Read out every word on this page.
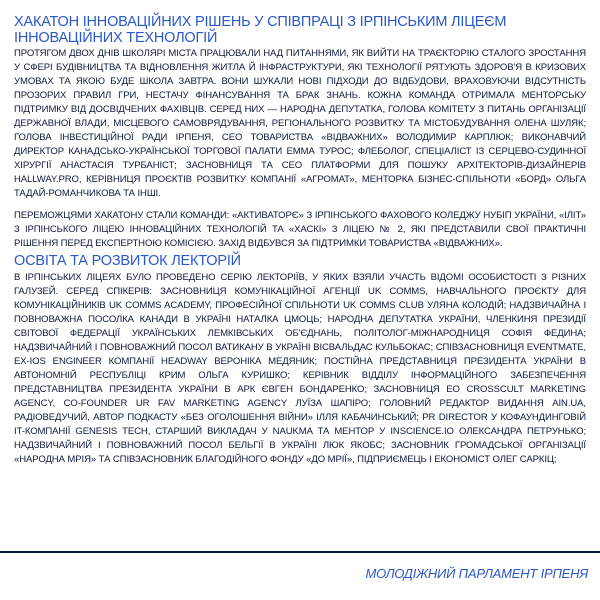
ХАКАТОН ІННОВАЦІЙНИХ РІШЕНЬ У СПІВПРАЦІ З ІРПІНСЬКИМ ЛІЦЕЄМ ІННОВАЦІЙНИХ ТЕХНОЛОГІЙ

ПРОТЯГОМ ДВОХ ДНІВ ШКОЛЯРІ МІСТА ПРАЦЮВАЛИ НАД ПИТАННЯМИ, ЯК ВИЙТИ НА ТРАЄКТОРІЮ СТАЛОГО ЗРОСТАННЯ У СФЕРІ БУДІВНИЦТВА ТА ВІДНОВЛЕННЯ ЖИТЛА Й ІНФРАСТРУКТУРИ, ЯКІ ТЕХНОЛОГІЇ РЯТУЮТЬ ЗДОРОВ'Я В КРИЗОВИХ УМОВАХ ТА ЯКОЮ БУДЕ ШКОЛА ЗАВТРА. ВОНИ ШУКАЛИ НОВІ ПІДХОДИ ДО ВІДБУДОВИ, ВРАХОВУЮЧИ ВІДСУТНІСТЬ ПРОЗОРИХ ПРАВИЛ ГРИ, НЕСТАЧУ ФІНАНСУВАННЯ ТА БРАК ЗНАНЬ. КОЖНА КОМАНДА ОТРИМАЛА МЕНТОРСЬКУ ПІДТРИМКУ ВІД ДОСВІДЧЕНИХ ФАХІВЦІВ. СЕРЕД НИХ — НАРОДНА ДЕПУТАТКА, ГОЛОВА КОМІТЕТУ З ПИТАНЬ ОРГАНІЗАЦІЇ ДЕРЖАВНОЇ ВЛАДИ, МІСЦЕВОГО САМОВРЯДУВАННЯ, РЕГІОНАЛЬНОГО РОЗВИТКУ ТА МІСТОБУДУВАННЯ ОЛЕНА ШУЛЯК; ГОЛОВА ІНВЕСТИЦІЙНОЇ РАДИ ІРПЕНЯ, СЕО ТОВАРИСТВА «ВІДВАЖНИХ» ВОЛОДИМИР КАРПЛЮК; ВИКОНАВЧИЙ ДИРЕКТОР КАНАДСЬКО-УКРАЇНСЬКОЇ ТОРГОВОЇ ПАЛАТИ ЕММА ТУРОС; ФЛЕБОЛОГ, СПЕЦІАЛІСТ ІЗ СЕРЦЕВО-СУДИННОЇ ХІРУРГІЇ АНАСТАСІЯ ТУРБАНІСТ; ЗАСНОВНИЦЯ ТА СЕО ПЛАТФОРМИ ДЛЯ ПОШУКУ АРХІТЕКТОРІВ-ДИЗАЙНЕРІВ HALLWAY.PRO, КЕРІВНИЦЯ ПРОЄКТІВ РОЗВИТКУ КОМПАНІЇ «АГРОМАТ», МЕНТОРКА БІЗНЕС-СПІЛЬНОТИ «БОРД» ОЛЬГА ТАДАЙ-РОМАНЧИКОВА ТА ІНШІ.

ПЕРЕМОЖЦЯМИ ХАКАТОНУ СТАЛИ КОМАНДИ: «АКТИВАТОРЄ» З ІРПІНСЬКОГО ФАХОВОГО КОЛЕДЖУ НУБІП УКРАЇНИ, «ІЛІТ» З ІРПІНСЬКОГО ЛІЦЕЮ ІННОВАЦІЙНИХ ТЕХНОЛОГІЙ ТА «ХАСКІ» З ЛІЦЕЮ № 2, ЯКІ ПРЕДСТАВИЛИ СВОЇ ПРАКТИЧНІ РІШЕННЯ ПЕРЕД ЕКСПЕРТНОЮ КОМІСІЄЮ. ЗАХІД ВІДБУВСЯ ЗА ПІДТРИМКИ ТОВАРИСТВА «ВІДВАЖНИХ».

ОСВІТА ТА РОЗВИТОК ЛЕКТОРІЙ

В ІРПІНСЬКИХ ЛІЦЕЯХ БУЛО ПРОВЕДЕНО СЕРІЮ ЛЕКТОРІЇВ, У ЯКИХ ВЗЯЛИ УЧАСТЬ ВІДОМІ ОСОБИСТОСТІ З РІЗНИХ ГАЛУЗЕЙ. СЕРЕД СПІКЕРІВ: ЗАСНОВНИЦЯ КОМУНІКАЦІЙНОЇ АГЕНЦІЇ UK COMMS, НАВЧАЛЬНОГО ПРОЄКТУ ДЛЯ КОМУНІКАЦІЙНИКІВ UK COMMS ACADEMY, ПРОФЕСІЙНОЇ СПІЛЬНОТИ UK COMMS CLUB УЛЯНА КОЛОДІЙ; НАДЗВИЧАЙНА І ПОВНОВАЖНА ПОСОЛКА КАНАДИ В УКРАЇНІ НАТАЛКА ЦМОЦЬ; НАРОДНА ДЕПУТАТКА УКРАЇНИ, ЧЛЕНКИНЯ ПРЕЗИДІЇ СВІТОВОЇ ФЕДЕРАЦІЇ УКРАЇНСЬКИХ ЛЕМКІВСЬКИХ ОБ'ЄДНАНЬ, ПОЛІТОЛОГ-МІЖНАРОДНИЦЯ СОФІЯ ФЕДИНА; НАДЗВИЧАЙНИЙ І ПОВНОВАЖНИЙ ПОСОЛ ВАТИКАНУ В УКРАЇНІ ВІСВАЛЬДАС КУЛЬБОКАС; СПІВЗАСНОВНИЦЯ EVENTMATE, EX-IOS ENGINEER КОМПАНІЇ HEADWAY ВЕРОНІКА МЕДЯНИК; ПОСТІЙНА ПРЕДСТАВНИЦЯ ПРЕЗИДЕНТА УКРАЇНИ В АВТОНОМНІЙ РЕСПУБЛІЦІ КРИМ ОЛЬГА КУРИШКО; КЕРІВНИК ВІДДІЛУ ІНФОРМАЦІЙНОГО ЗАБЕЗПЕЧЕННЯ ПРЕДСТАВНИЦТВА ПРЕЗИДЕНТА УКРАЇНИ В АРК ЄВГЕН БОНДАРЕНКО; ЗАСНОВНИЦЯ EO CROSSCULT MARKETING AGENCY, CO-FOUNDER UR FAV MARKETING AGENCY ЛУЇЗА ШАПІРО; ГОЛОВНИЙ РЕДАКТОР ВИДАННЯ AIN.UA, РАДІОВЕДУЧИЙ, АВТОР ПОДКАСТУ «БЕЗ ОГОЛОШЕННЯ ВІЙНИ» ІЛЛЯ КАБАЧИНСЬКИЙ; PR DIRECTOR У КОФАУНДИНГОВІЙ IT-КОМПАНІЇ GENESIS TECH, СТАРШИЙ ВИКЛАДАЧ У NAUKMA ТА МЕНТОР У INSCIENCE.IO ОЛЕКСАНДРА ПЕТРУНЬКО; НАДЗВИЧАЙНИЙ І ПОВНОВАЖНИЙ ПОСОЛ БЕЛЬГІЇ В УКРАЇНІ ЛЮК ЯКОБС; ЗАСНОВНИК ГРОМАДСЬКОЇ ОРГАНІЗАЦІЇ «НАРОДНА МРІЯ» ТА СПІВЗАСНОВНИК БЛАГОДІЙНОГО ФОНДУ «ДО МРІЇ», ПІДПРИЄМЕЦЬ І ЕКОНОМІСТ ОЛЕГ САРКІЦ;

МОЛОДІЖНИЙ ПАРЛАМЕНТ ІРПЕНЯ
